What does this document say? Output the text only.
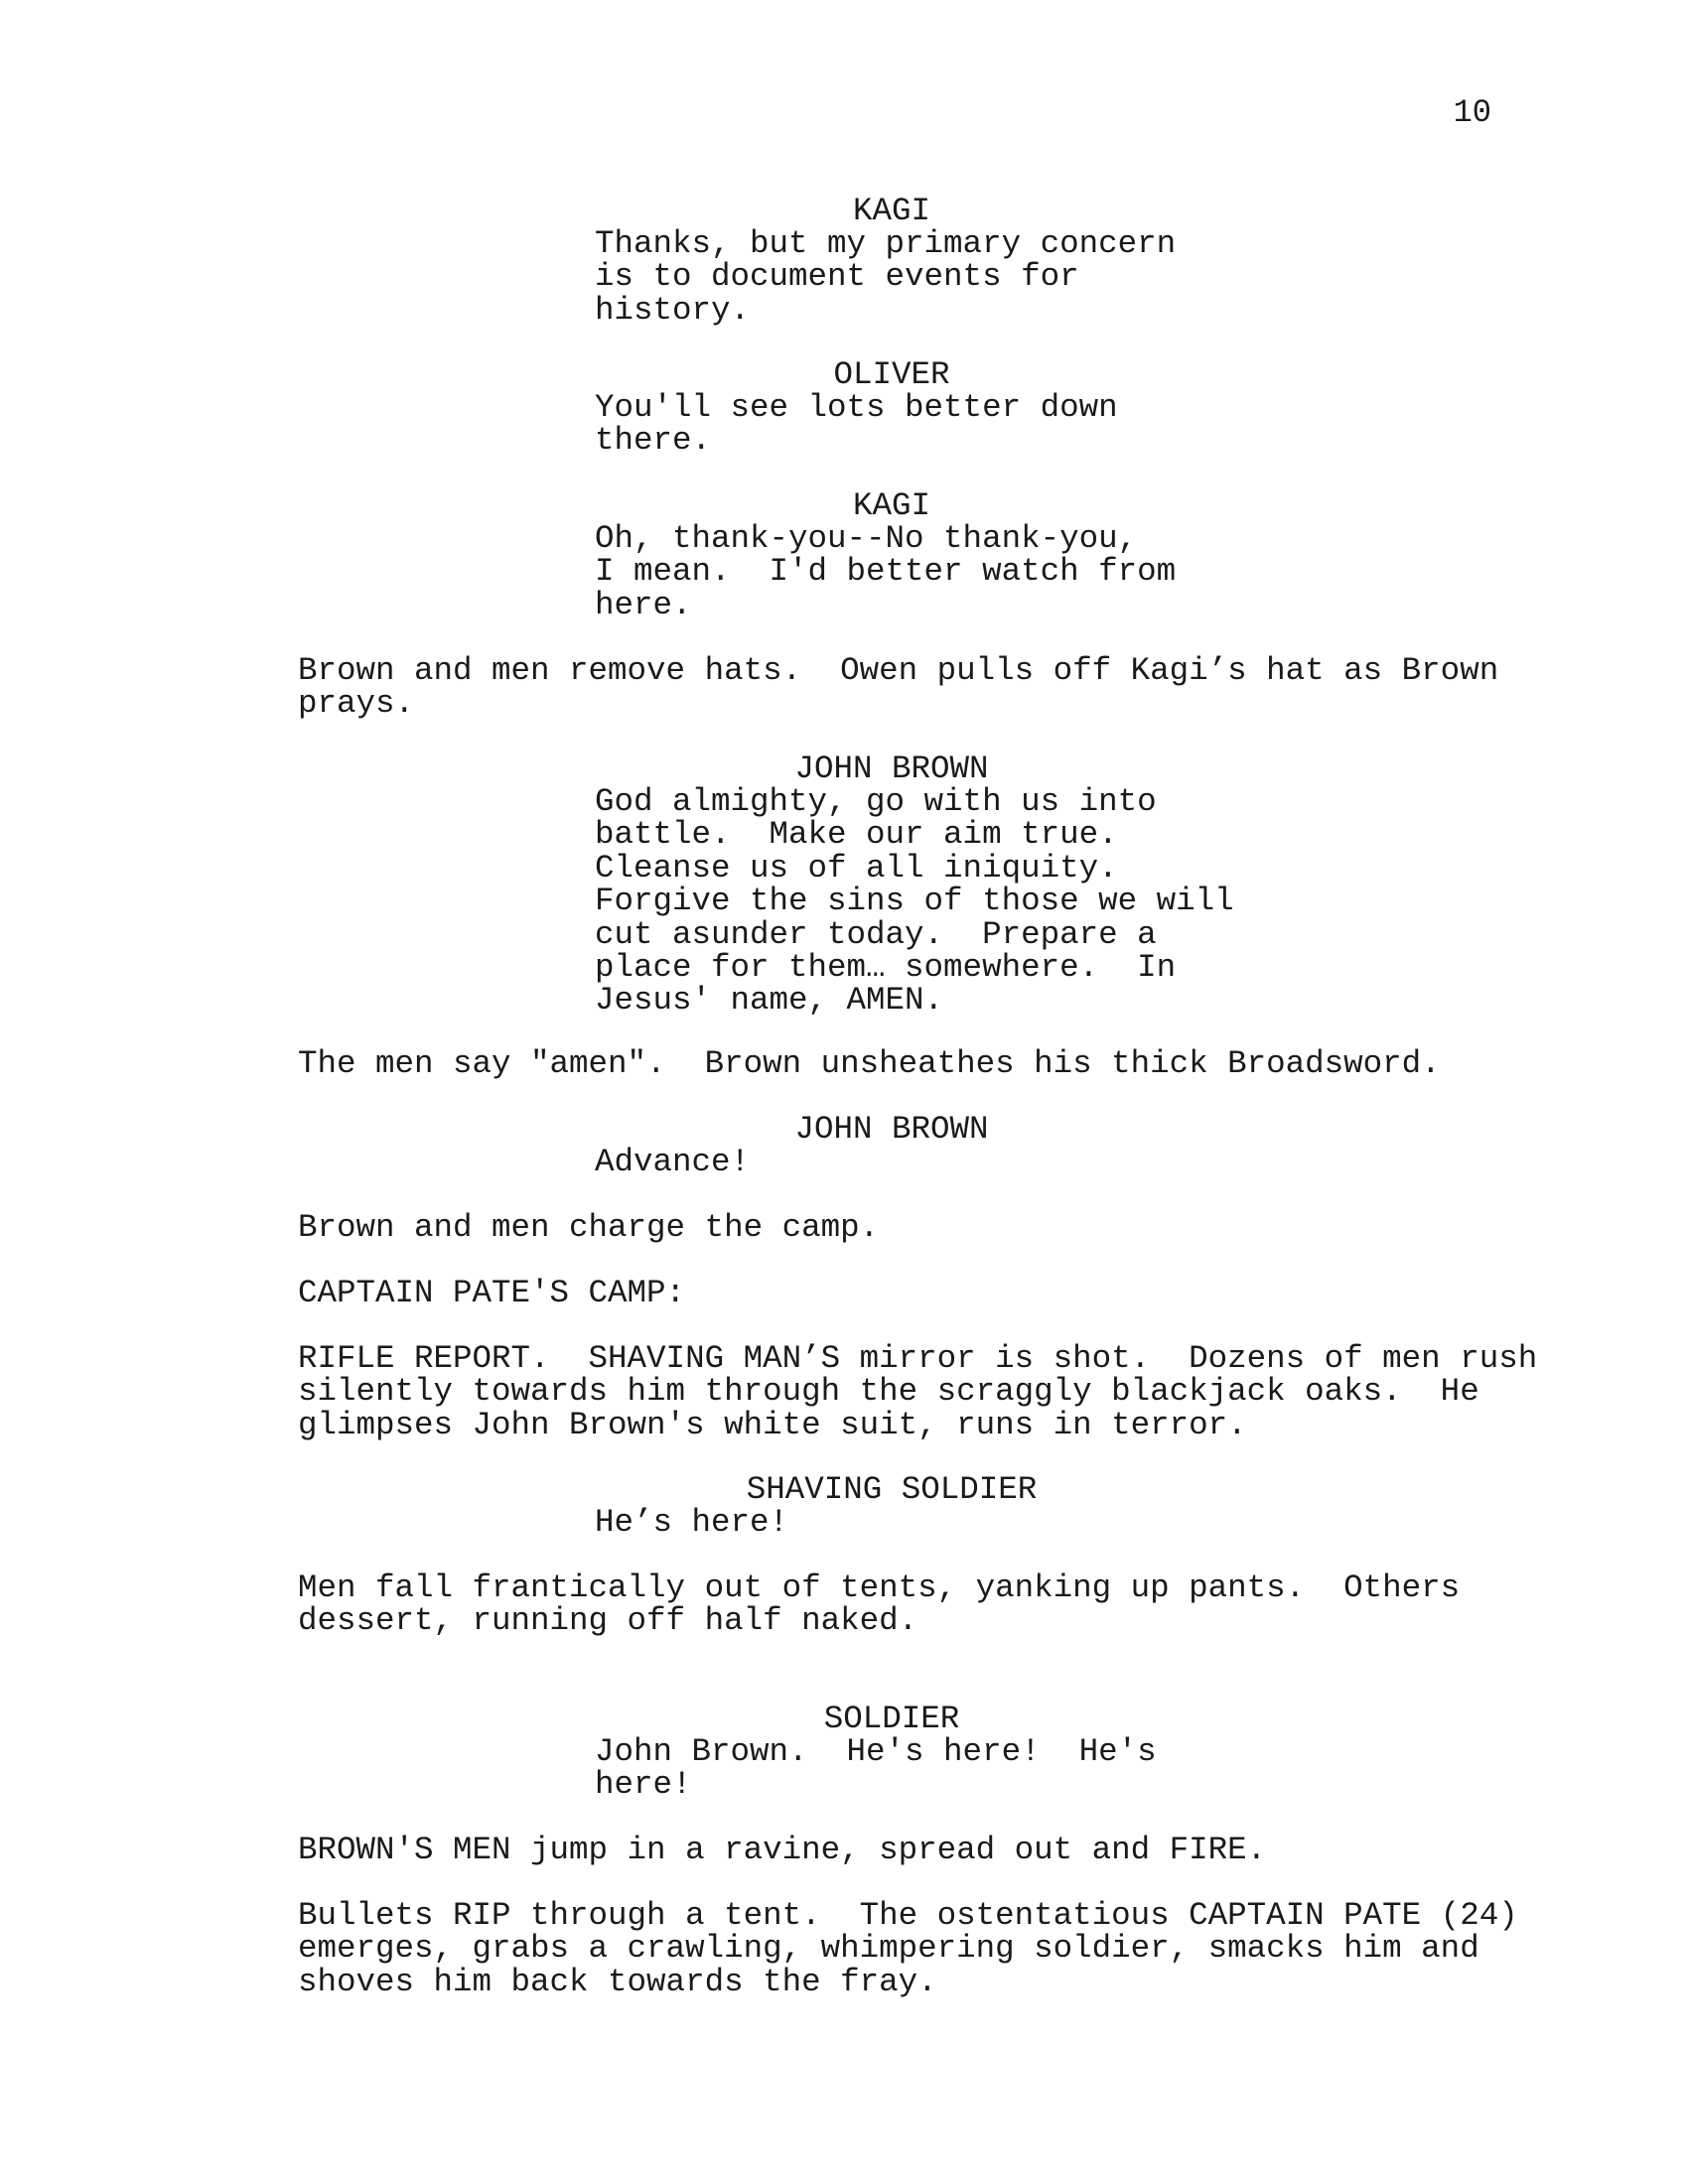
10
KAGI
Thanks, but my primary concern
is to document events for
history.
OLIVER
You'll see lots better down
there.
KAGI
Oh, thank-you--No thank-you,
I mean.  I'd better watch from
here.
Brown and men remove hats.  Owen pulls off Kagi’s hat as Brown
prays.
JOHN BROWN
God almighty, go with us into
battle.  Make our aim true.
Cleanse us of all iniquity.
Forgive the sins of those we will
cut asunder today.  Prepare a
place for them… somewhere.  In
Jesus' name, AMEN.
The men say "amen".  Brown unsheathes his thick Broadsword.
JOHN BROWN
Advance!
Brown and men charge the camp.
CAPTAIN PATE'S CAMP:
RIFLE REPORT.  SHAVING MAN’S mirror is shot.  Dozens of men rush
silently towards him through the scraggly blackjack oaks.  He
glimpses John Brown's white suit, runs in terror.
SHAVING SOLDIER
He’s here!
Men fall frantically out of tents, yanking up pants.  Others
dessert, running off half naked.
SOLDIER
John Brown.  He's here!  He's
here!
BROWN'S MEN jump in a ravine, spread out and FIRE.
Bullets RIP through a tent.  The ostentatious CAPTAIN PATE (24)
emerges, grabs a crawling, whimpering soldier, smacks him and
shoves him back towards the fray.
